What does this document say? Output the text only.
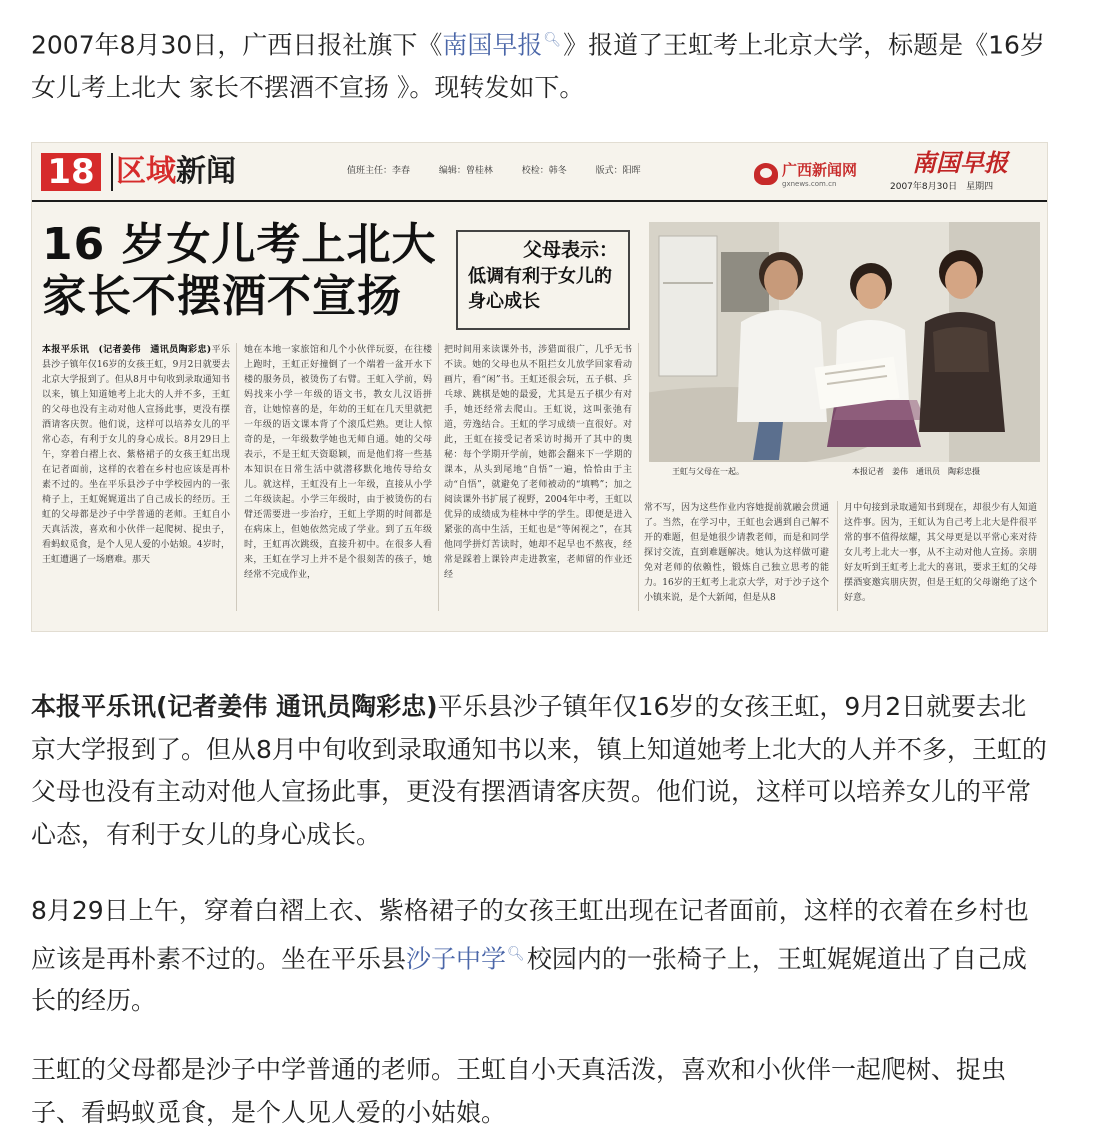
2007年8月30日，广西日报社旗下《南国早报🔍︎》报道了王虹考上北京大学，标题是《16岁女儿考上北大 家长不摆酒不宣扬 》。现转发如下。
18 区域新闻	值班主任：李春	编辑：曾桂林	校检：韩冬	版式：阳晖	广西新闻网
gxnews.com.cn
南国早报
2007年8月30日　星期四
16 岁女儿考上北大
家长不摆酒不宣扬
父母表示：
低调有利于女儿的身心成长
王虹与父母在一起。	本报记者　姜伟　通讯员　陶彩忠摄
本报平乐讯　(记者姜伟　通讯员陶彩忠)平乐县沙子镇年仅16岁的女孩王虹，9月2日就要去北京大学报到了。但从8月中旬收到录取通知书以来，镇上知道她考上北大的人并不多，王虹的父母也没有主动对他人宣扬此事，更没有摆酒请客庆贺。他们说，这样可以培养女儿的平常心态，有利于女儿的身心成长。8月29日上午，穿着白褶上衣、紫格裙子的女孩王虹出现在记者面前，这样的衣着在乡村也应该是再朴素不过的。坐在平乐县沙子中学校园内的一张椅子上，王虹娓娓道出了自己成长的经历。王虹的父母都是沙子中学普通的老师。王虹自小天真活泼，喜欢和小伙伴一起爬树、捉虫子，看蚂蚁觅食，是个人见人爱的小姑娘。4岁时，王虹遭遇了一场磨难。那天
她在本地一家旅馆和几个小伙伴玩耍，在往楼上跑时，王虹正好撞倒了一个端着一盆开水下楼的服务员，被烫伤了右臂。王虹入学前，妈妈找来小学一年级的语文书，教女儿汉语拼音，让她惊喜的是，年幼的王虹在几天里就把一年级的语文课本背了个滚瓜烂熟。更让人惊奇的是，一年级数学她也无师自通。她的父母表示，不是王虹天资聪颖，而是他们将一些基本知识在日常生活中就潜移默化地传导给女儿。就这样，王虹没有上一年级，直接从小学二年级读起。小学三年级时，由于被烫伤的右臂还需要进一步治疗，王虹上学期的时间都是在病床上，但她依然完成了学业。到了五年级时，王虹再次跳级，直接升初中。在很多人看来，王虹在学习上并不是个很刻苦的孩子，她经常不完成作业，
把时间用来读课外书，涉猎面很广，几乎无书不读。她的父母也从不阻拦女儿放学回家看动画片，看“闲”书。王虹还很会玩，五子棋、乒乓球、跳棋是她的最爱，尤其是五子棋少有对手，她还经常去爬山。王虹说，这叫张弛有道，劳逸结合。王虹的学习成绩一直很好。对此，王虹在接受记者采访时揭开了其中的奥秘：每个学期开学前，她都会翻来下一学期的课本，从头到尾地“自悟”一遍，恰恰由于主动“自悟”，就避免了老师被动的“填鸭”；加之阅读课外书扩展了视野，2004年中考，王虹以优异的成绩成为桂林中学的学生。即便是进入紧张的高中生活，王虹也是“等闲视之”，在其他同学拼灯苦读时，她却不起早也不熬夜，经常是踩着上课铃声走进教室，老师留的作业还经
常不写，因为这些作业内容她提前就融会贯通了。当然，在学习中，王虹也会遇到自己解不开的难题，但是她很少请教老师，而是和同学探讨交流，直到难题解决。她认为这样做可避免对老师的依赖性，锻炼自己独立思考的能力。16岁的王虹考上北京大学，对于沙子这个小镇来说，是个大新闻，但是从8
月中旬接到录取通知书到现在，却很少有人知道这件事。因为，王虹认为自己考上北大是件很平常的事不值得炫耀，其父母更是以平常心来对待女儿考上北大一事，从不主动对他人宣扬。亲朋好友听到王虹考上北大的喜讯，要求王虹的父母摆酒宴邀宾朋庆贺，但是王虹的父母谢绝了这个好意。
本报平乐讯(记者姜伟 通讯员陶彩忠)平乐县沙子镇年仅16岁的女孩王虹，9月2日就要去北京大学报到了。但从8月中旬收到录取通知书以来，镇上知道她考上北大的人并不多，王虹的父母也没有主动对他人宣扬此事，更没有摆酒请客庆贺。他们说，这样可以培养女儿的平常心态，有利于女儿的身心成长。
8月29日上午，穿着白褶上衣、紫格裙子的女孩王虹出现在记者面前，这样的衣着在乡村也应该是再朴素不过的。坐在平乐县沙子中学🔍︎校园内的一张椅子上，王虹娓娓道出了自己成长的经历。
王虹的父母都是沙子中学普通的老师。王虹自小天真活泼，喜欢和小伙伴一起爬树、捉虫子、看蚂蚁觅食，是个人见人爱的小姑娘。
